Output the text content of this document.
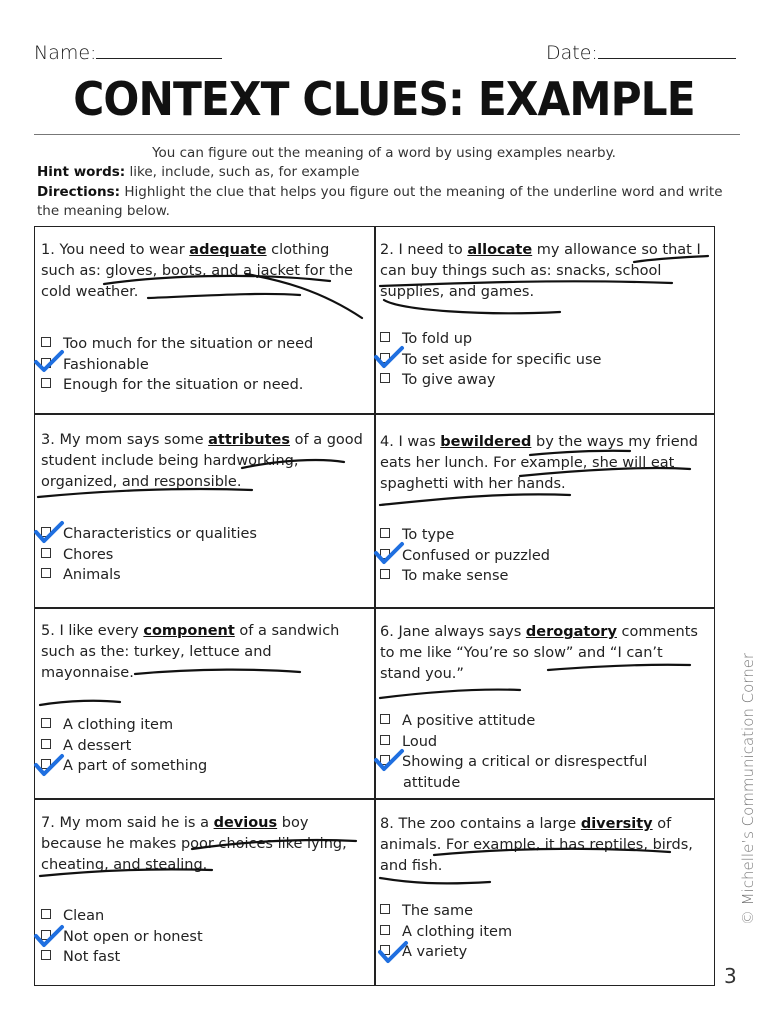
Name:	Date:
CONTEXT CLUES: EXAMPLE
You can figure out the meaning of a word by using examples nearby.
Hint words: like, include, such as, for example
Directions: Highlight the clue that helps you figure out the meaning of the underline word and write the meaning below.
1. You need to wear adequate clothing such as: gloves, boots, and a jacket for the cold weather.
Too much for the situation or need
Fashionable
Enough for the situation or need.
2. I need to allocate my allowance so that I can buy things such as: snacks, school supplies, and games.
To fold up
To set aside for specific use
To give away
3. My mom says some attributes of a good student include being hardworking, organized, and responsible.
Characteristics or qualities
Chores
Animals
4. I was bewildered by the ways my friend eats her lunch. For example, she will eat spaghetti with her hands.
To type
Confused or puzzled
To make sense
5. I like every component of a sandwich such as the: turkey, lettuce and mayonnaise.
A clothing item
A dessert
A part of something
6. Jane always says derogatory comments to me like “You’re so slow” and “I can’t stand you.”
A positive attitude
Loud
Showing a critical or disrespectful
attitude
7. My mom said he is a devious boy because he makes poor choices like lying, cheating, and stealing.
Clean
Not open or honest
Not fast
8. The zoo contains a large diversity of animals. For example, it has reptiles, birds, and fish.
The same
A clothing item
A variety
© Michelle’s Communication Corner
3
